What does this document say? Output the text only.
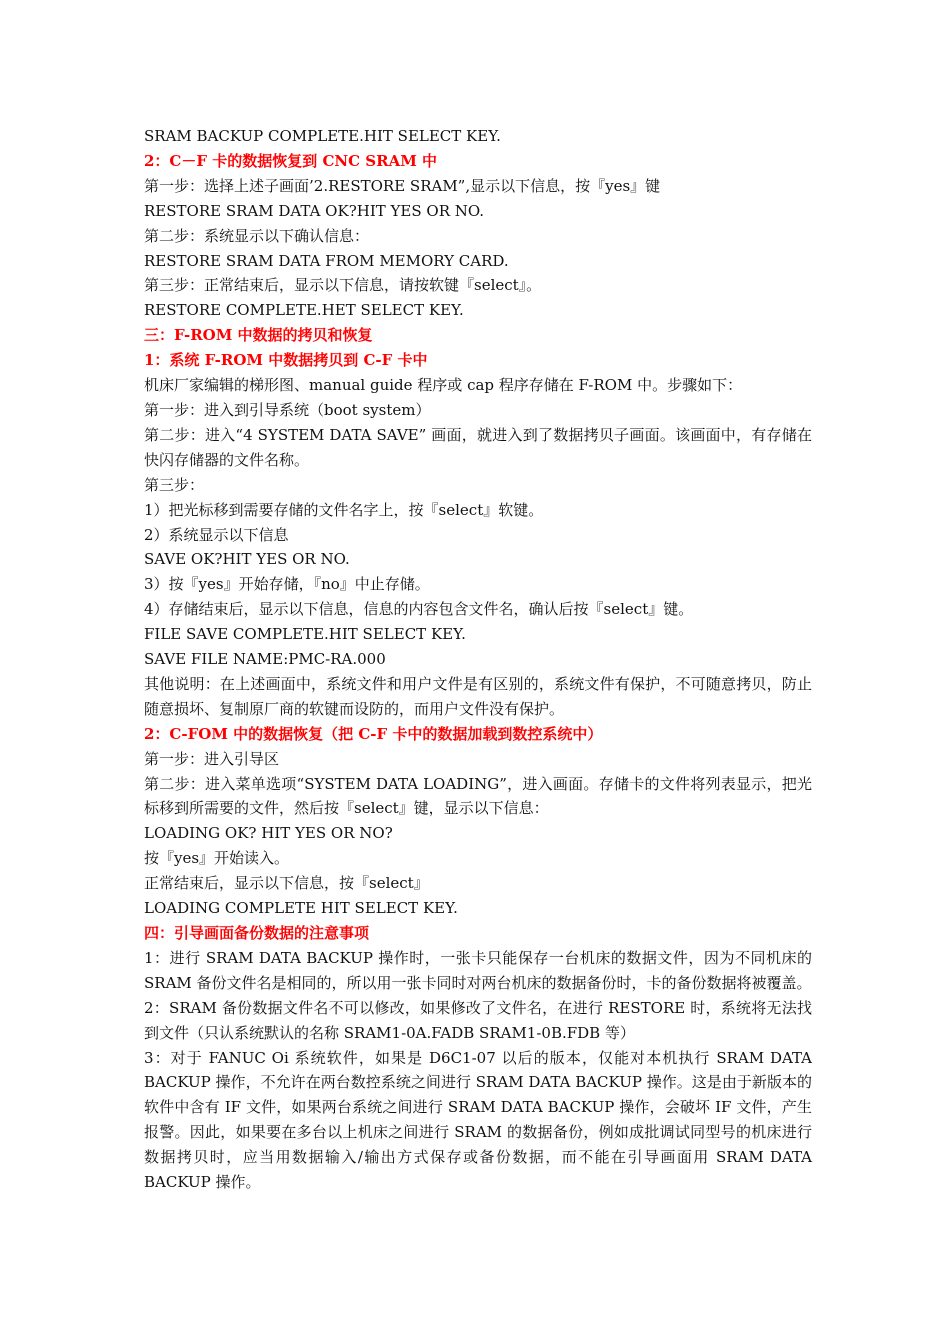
SRAM BACKUP COMPLETE.HIT SELECT KEY.
2：C－F 卡的数据恢复到 CNC SRAM 中
第一步：选择上述子画面’2.RESTORE SRAM”,显示以下信息，按『yes』键
RESTORE SRAM DATA OK?HIT YES OR NO.
第二步：系统显示以下确认信息：
RESTORE SRAM DATA FROM MEMORY CARD.
第三步：正常结束后，显示以下信息，请按软键『select』。
RESTORE COMPLETE.HET SELECT KEY.
三：F-ROM 中数据的拷贝和恢复
1：系统 F-ROM 中数据拷贝到 C-F 卡中
机床厂家编辑的梯形图、manual guide 程序或 cap 程序存储在 F-ROM 中。步骤如下：
第一步：进入到引导系统（boot system）

第二步：进入“4 SYSTEM DATA SAVE” 画面，就进入到了数据拷贝子画面。该画面中，有存储在快闪存储器的文件名称。

第三步：
1）把光标移到需要存储的文件名字上，按『select』软键。
2）系统显示以下信息
SAVE OK?HIT YES OR NO.
3）按『yes』开始存储，『no』中止存储。
4）存储结束后，显示以下信息，信息的内容包含文件名，确认后按『select』键。
FILE SAVE COMPLETE.HIT SELECT KEY.
SAVE FILE NAME:PMC-RA.000

其他说明：在上述画面中，系统文件和用户文件是有区别的，系统文件有保护，不可随意拷贝，防止随意损坏、复制原厂商的软键而设防的，而用户文件没有保护。

2：C-FOM 中的数据恢复（把 C-F 卡中的数据加载到数控系统中）
第一步：进入引导区

第二步：进入菜单选项“SYSTEM DATA LOADING”，进入画面。存储卡的文件将列表显示，把光标移到所需要的文件，然后按『select』键，显示以下信息：

LOADING OK? HIT YES OR NO?
按『yes』开始读入。
正常结束后，显示以下信息，按『select』
LOADING COMPLETE HIT SELECT KEY.
四：引导画面备份数据的注意事项

1：进行 SRAM DATA BACKUP 操作时，一张卡只能保存一台机床的数据文件，因为不同机床的 SRAM 备份文件名是相同的，所以用一张卡同时对两台机床的数据备份时，卡的备份数据将被覆盖。

2：SRAM 备份数据文件名不可以修改，如果修改了文件名，在进行 RESTORE 时，系统将无法找到文件（只认系统默认的名称 SRAM1-0A.FADB SRAM1-0B.FDB 等）

3：对于 FANUC Oi 系统软件，如果是 D6C1-07 以后的版本，仅能对本机执行 SRAM DATA BACKUP 操作，不允许在两台数控系统之间进行 SRAM DATA BACKUP 操作。这是由于新版本的软件中含有 IF 文件，如果两台系统之间进行 SRAM DATA BACKUP 操作，会破坏 IF 文件，产生报警。因此，如果要在多台以上机床之间进行 SRAM 的数据备份，例如成批调试同型号的机床进行数据拷贝时，应当用数据输入/输出方式保存或备份数据，而不能在引导画面用 SRAM DATA BACKUP 操作。
